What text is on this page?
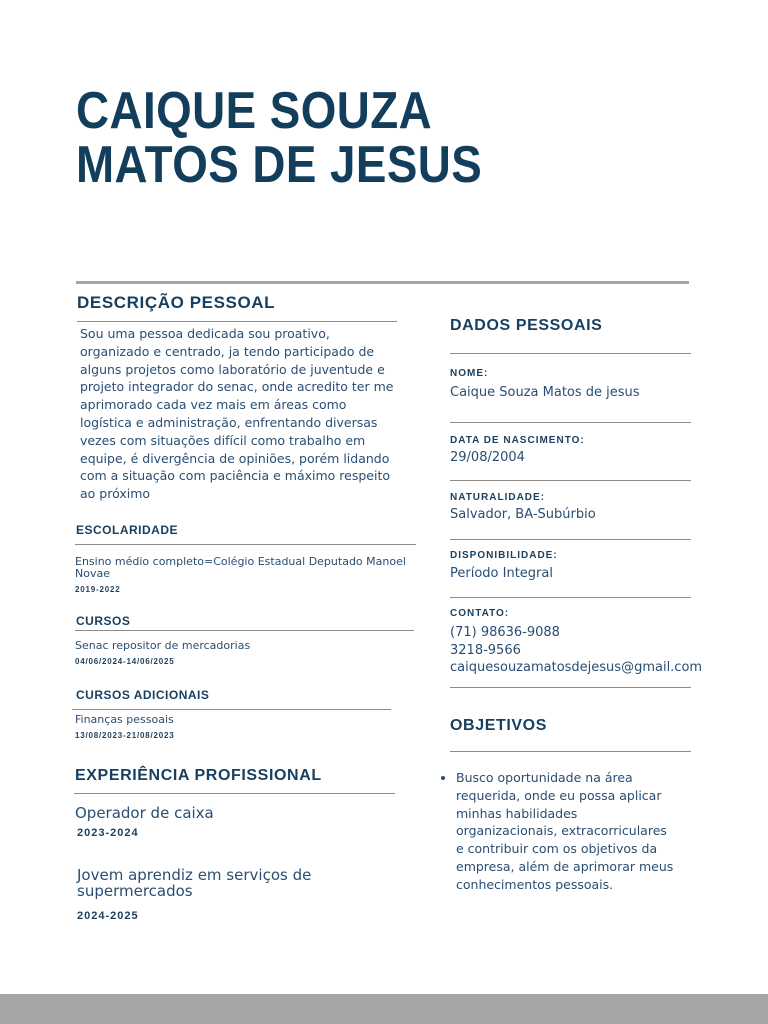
CAIQUE SOUZA
MATOS DE JESUS
DESCRIÇÃO PESSOAL
Sou uma pessoa dedicada sou proativo,
organizado e centrado, ja tendo participado de
alguns projetos como laboratório de juventude e
projeto integrador do senac, onde acredito ter me
aprimorado cada vez mais em áreas como
logística e administração, enfrentando diversas
vezes com situações difícil como trabalho em
equipe, é divergência de opiniões, porém lidando
com a situação com paciência e máximo respeito
ao próximo
ESCOLARIDADE
Ensino médio completo=Colégio Estadual Deputado Manoel
Novae
2019-2022
CURSOS
Senac repositor de mercadorias
04/06/2024-14/06/2025
CURSOS ADICIONAIS
Finanças pessoais
13/08/2023-21/08/2023
EXPERIÊNCIA PROFISSIONAL
Operador de caixa
2023-2024
Jovem aprendiz em serviços de
supermercados
2024-2025
DADOS PESSOAIS
NOME:
Caique Souza Matos de jesus
DATA DE NASCIMENTO:
29/08/2004
NATURALIDADE:
Salvador, BA-Subúrbio
DISPONIBILIDADE:
Período Integral
CONTATO:
(71) 98636-9088
3218-9566
caiquesouzamatosdejesus@gmail.com
OBJETIVOS
• Busco oportunidade na área
requerida, onde eu possa aplicar
minhas habilidades
organizacionais, extracorriculares
e contribuir com os objetivos da
empresa, além de aprimorar meus
conhecimentos pessoais.
